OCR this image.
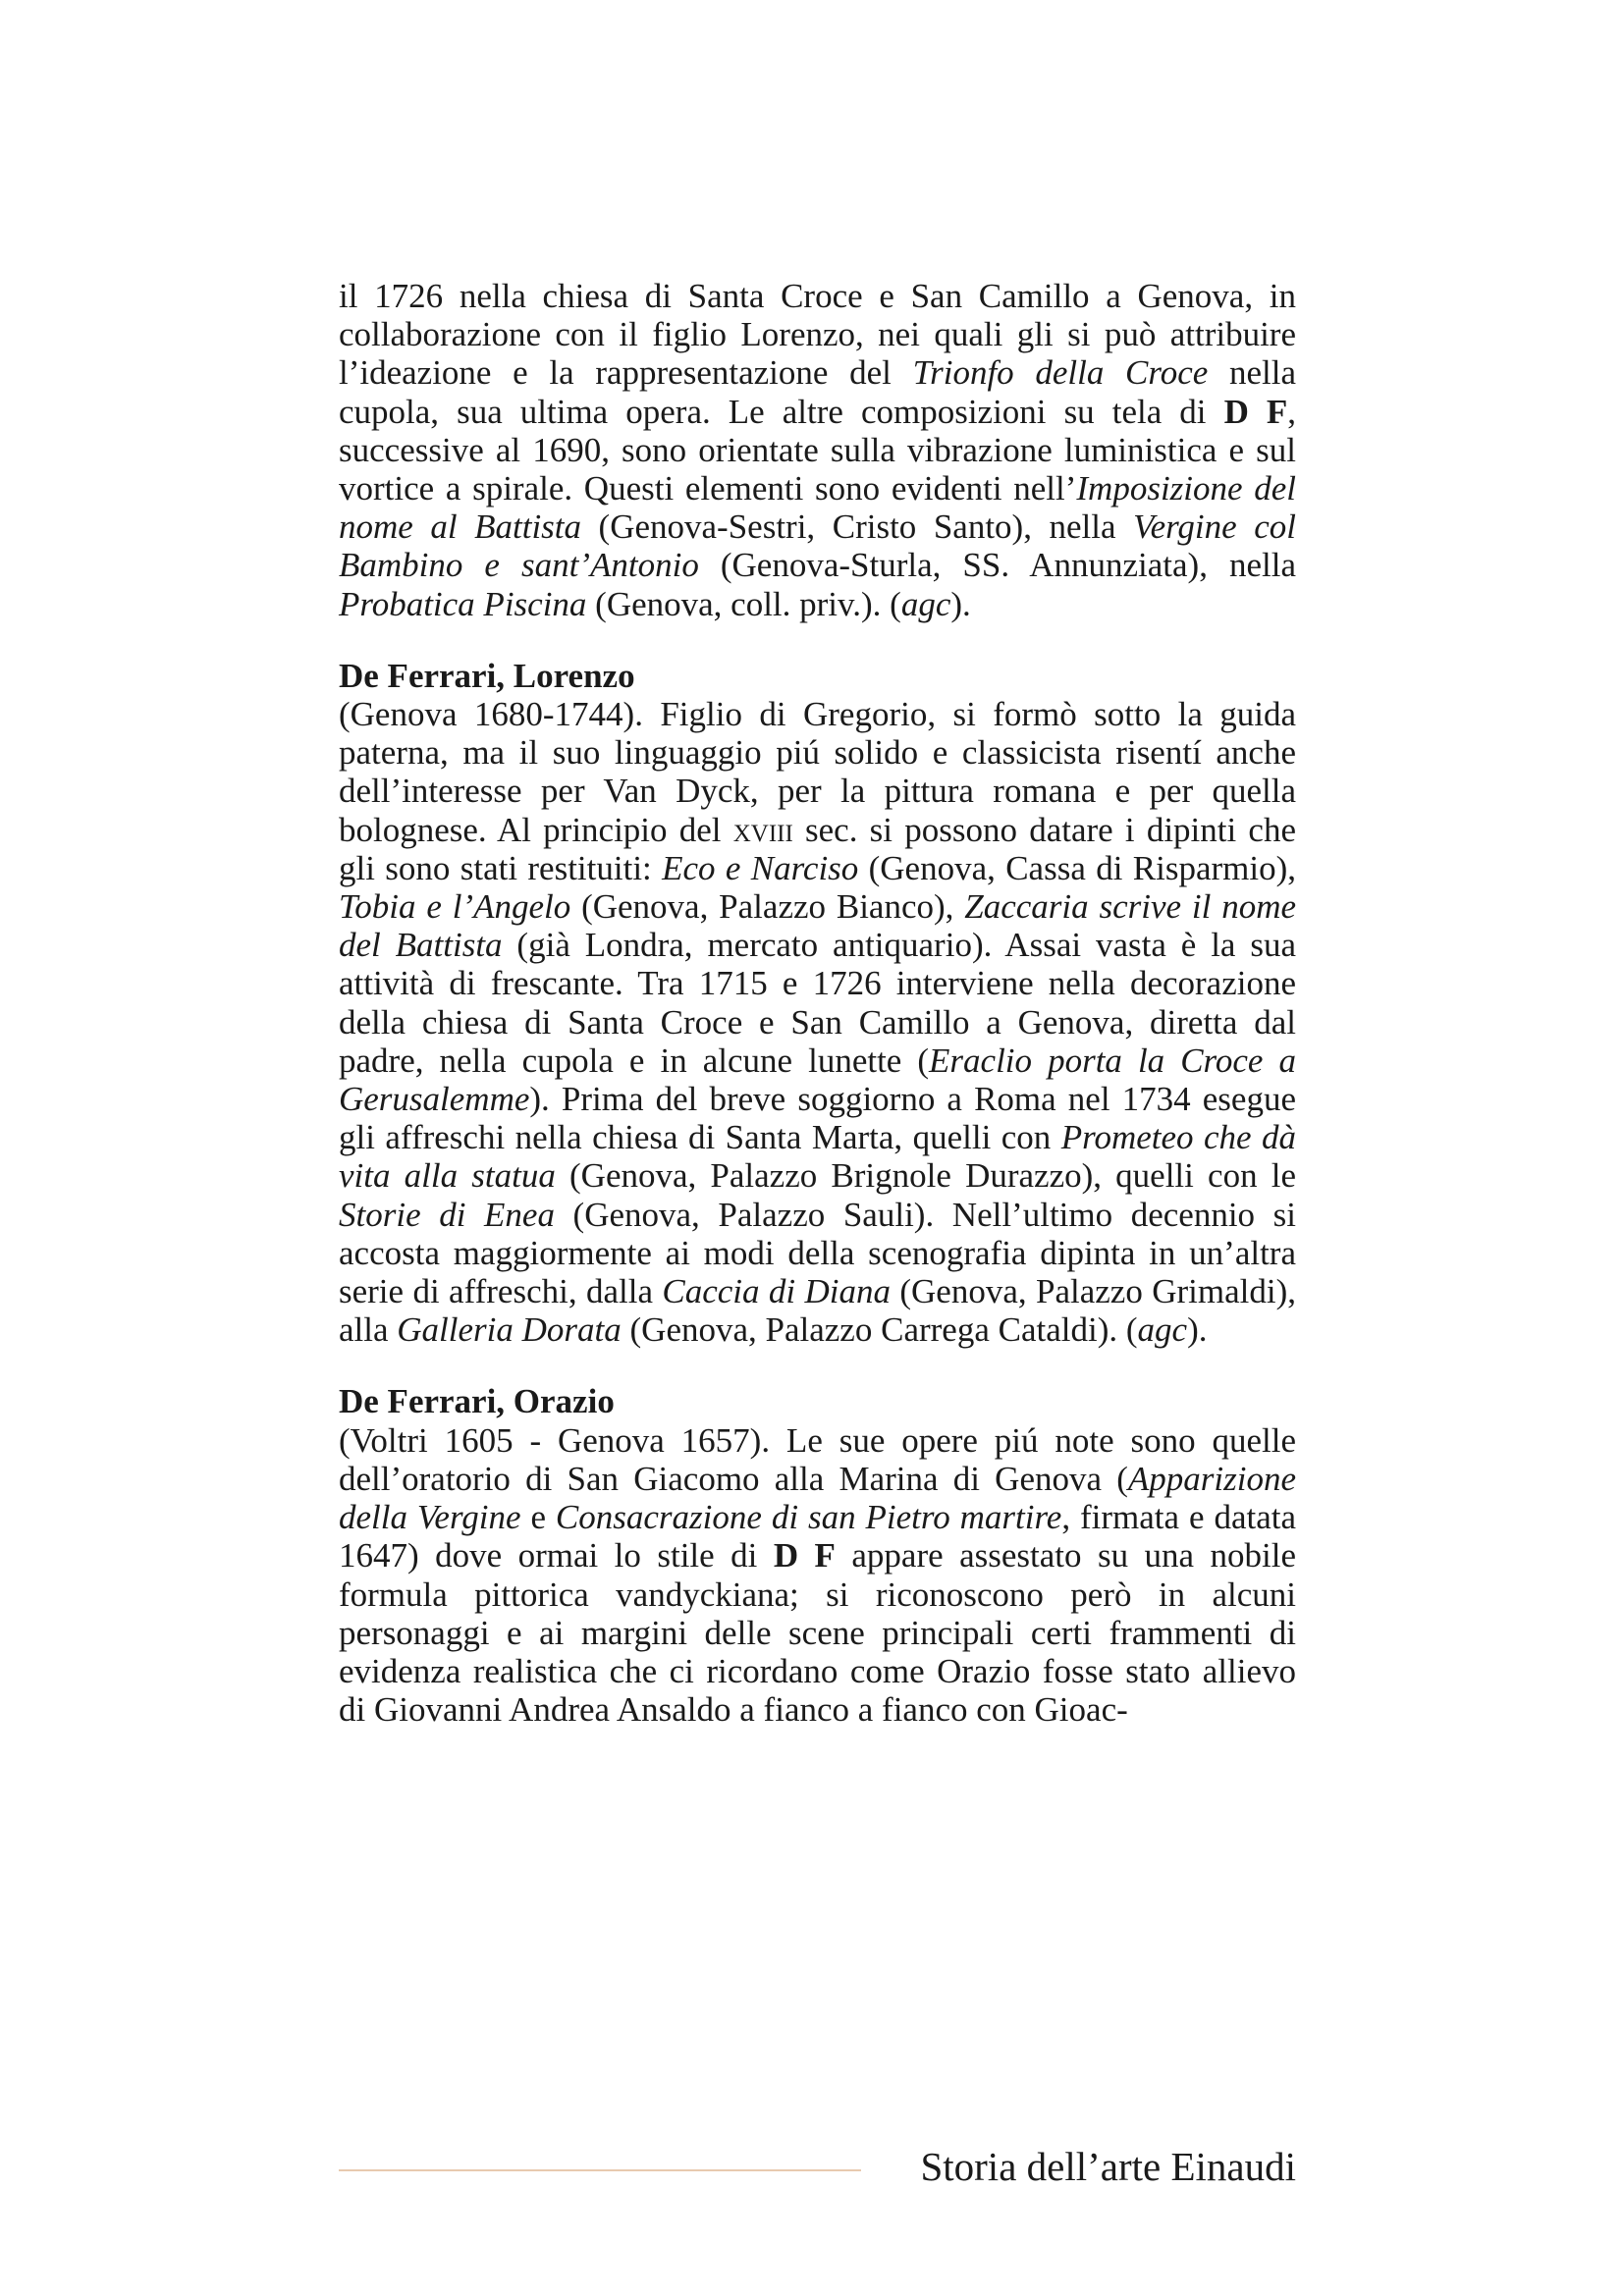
il 1726 nella chiesa di Santa Croce e San Camillo a Genova, in collaborazione con il figlio Lorenzo, nei quali gli si può attribuire l’ideazione e la rappresentazione del Trionfo della Croce nella cupola, sua ultima opera. Le altre composizioni su tela di D F, successive al 1690, sono orientate sulla vibrazione luministica e sul vortice a spirale. Questi elementi sono evidenti nell’Imposizione del nome al Battista (Genova-Sestri, Cristo Santo), nella Vergine col Bambino e sant’Antonio (Genova-Sturla, SS. Annunziata), nella Probatica Piscina (Genova, coll. priv.). (agc).

De Ferrari, Lorenzo

(Genova 1680-1744). Figlio di Gregorio, si formò sotto la guida paterna, ma il suo linguaggio piú solido e classicista risentí anche dell’interesse per Van Dyck, per la pittura romana e per quella bolognese. Al principio del xviii sec. si possono datare i dipinti che gli sono stati restituiti: Eco e Narciso (Genova, Cassa di Risparmio), Tobia e l’Angelo (Genova, Palazzo Bianco), Zaccaria scrive il nome del Battista (già Londra, mercato antiquario). Assai vasta è la sua attività di frescante. Tra 1715 e 1726 interviene nella decorazione della chiesa di Santa Croce e San Camillo a Genova, diretta dal padre, nella cupola e in alcune lunette (Eraclio porta la Croce a Gerusalemme). Prima del breve soggiorno a Roma nel 1734 esegue gli affreschi nella chiesa di Santa Marta, quelli con Prometeo che dà vita alla statua (Genova, Palazzo Brignole Durazzo), quelli con le Storie di Enea (Genova, Palazzo Sauli). Nell’ultimo decennio si accosta maggiormente ai modi della scenografia dipinta in un’altra serie di affreschi, dalla Caccia di Diana (Genova, Palazzo Grimaldi), alla Galleria Dorata (Genova, Palazzo Carrega Cataldi). (agc).

De Ferrari, Orazio

(Voltri 1605 - Genova 1657). Le sue opere piú note sono quelle dell’oratorio di San Giacomo alla Marina di Genova (Apparizione della Vergine e Consacrazione di san Pietro martire, firmata e datata 1647) dove ormai lo stile di D F appare assestato su una nobile formula pittorica vandyckiana; si riconoscono però in alcuni personaggi e ai margini delle scene principali certi frammenti di evidenza realistica che ci ricordano come Orazio fosse stato allievo di Giovanni Andrea Ansaldo a fianco a fianco con Gioac-

Storia dell’arte Einaudi
